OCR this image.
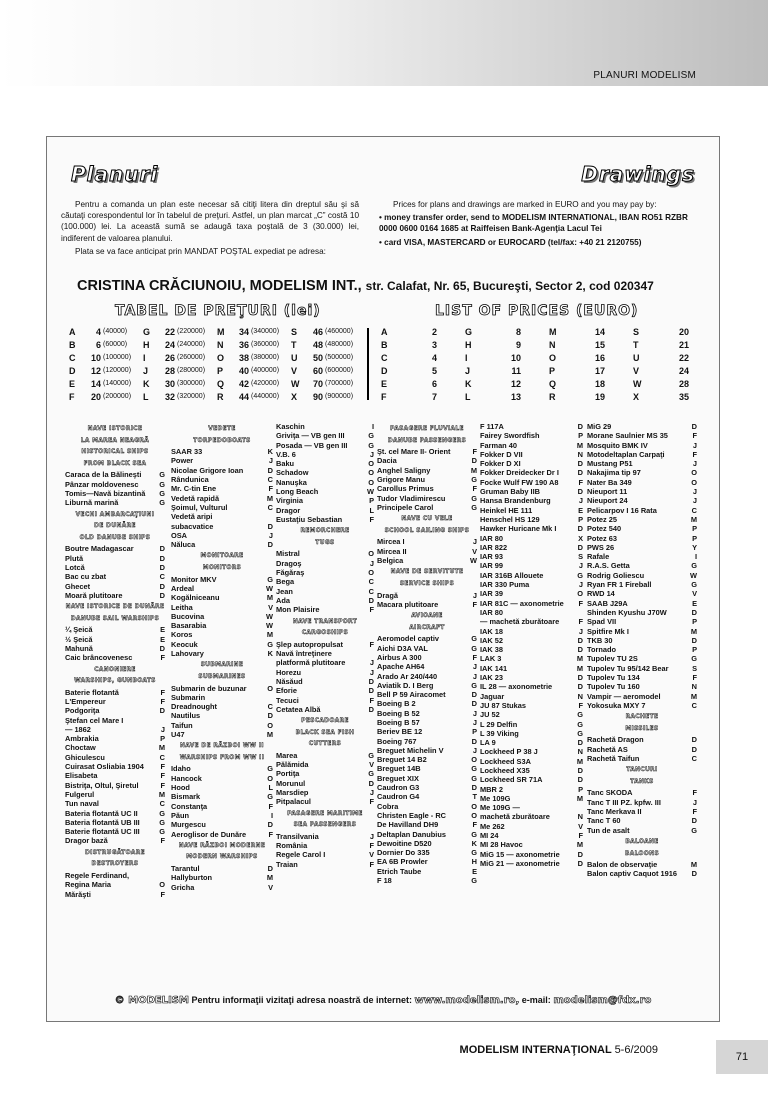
PLANURI MODELISM
Planuri	Drawings

Pentru a comanda un plan este necesar să citiţi litera din dreptul său şi să căutaţi corespondentul lor în tabelul de preţuri. Astfel, un plan marcat „C” costă 10 (100.000) lei. La această sumă se adaugă taxa poştală de 3 (30.000) lei, indiferent de valoarea planului.

Plata se va face anticipat prin MANDAT POŞTAL expediat pe adresa:

Prices for plans and drawings are marked in EURO and you may pay by:

• money transfer order, send to MODELISM INTERNATIONAL, IBAN RO51 RZBR 0000 0600 0164 1685 at Raiffeisen Bank-Agenţia Lacul Tei

• card VISA, MASTERCARD or EUROCARD (tel/fax: +40 21 2120755)

CRISTINA CRĂCIUNOIU, MODELISM INT., str. Calafat, Nr. 65, Bucureşti, Sector 2, cod 020347
TABEL DE PREŢURI (lei)	LIST OF PRICES (EURO)
A	4 (40000) G	22 (220000) M	34 (340000) S	46 (460000)
B	6 (60000) H	24 (240000) N	36 (360000) T	48 (480000)
C	10 (100000) I	26 (260000) O	38 (380000) U	50 (500000)
D	12 (120000) J	28 (280000) P	40 (400000) V	60 (600000)
E	14 (140000) K	30 (300000) Q	42 (420000) W	70 (700000)
F	20 (200000) L	32 (320000) R	44 (440000) X	90 (900000)
A	2	G	8	M	14	S	20
B	3	H	9	N	15	T	21
C	4	I	10	O	16	U	22
D	5	J	11	P	17	V	24
E	6	K	12	Q	18	W	28
F	7	L	13	R	19	X	35
NAVE ISTORICE
LA MAREA NEAGRĂ
HISTORICAL SHIPS
FROM BLACK SEA
Caraca de la Bălineşti G
Pânzar moldovenesc	G
Tomis—Navă bizantină G
Liburnă marină	G
VECHI AMBARCAŢIUNI
DE DUNĂRE
OLD DANUBE SHIPS
Boutre Madagascar	D
Plută	D
Lotcă	D
Bac cu zbat	C
Ghecet	D
Moară plutitoare	D
NAVE ISTORICE DE DUNĂRE
DANUBE SAIL WARSHIPS
¼ Şeică	E
½ Şeică	E
Mahună	D
Caic brâncovenesc	F
CANONIERE
WARSHIPS, GUNBOATS
Baterie flotantă	F
L'Empereur	F
Podgoriţa	D
Ştefan cel Mare I
— 1862	J
Ambrakia	P
Choctaw	M
Ghiculescu	C
Cuirasat Osliabia 1904 F
Elisabeta	F
Bistriţa, Oltul, Şiretul	F
Fulgerul	M
Tun naval	C
Bateria flotantă UC II	G
Bateria flotantă UB III	G
Baterie flotantă UC III	G
Dragor bază	F
DISTRUGĂTOARE
DESTROYERS
Regele Ferdinand,
Regina Maria	O
Mărăşti	F
VEDETE
TORPEDOBOATS
SAAR 33	K
Power	J
Nicolae Grigore Ioan	D
Rândunica	C
Mr. C-tin Ene	F
Vedetă rapidă	M
Şoimul, Vulturul	C
Vedetă aripi
subacvatice	D
OSA	J
Năluca	D
MONITOARE
MONITORS
Monitor MKV	G
Ardeal	W
Kogălniceanu	M
Leitha	V
Bucovina	W
Basarabia	W
Koros	M
Keocuk	G
Lahovary	K
SUBMARINE
SUBMARINES
Submarin de buzunar	O
Submarin
Dreadnought	C
Nautilus	D
Taifun	O
U47	M
NAVE DE RĂZBOI WW II
WARSHIPS FROM WW II
Idaho	G
Hancock	O
Hood	L
Bismark	G
Constanţa	F
Păun	I
Murgescu	D
Aeroglisor de Dunăre	F
NAVE RĂZBOI MODERNE
MODERN WARSHIPS
Tarantul	D
Hallyburton	M
Gricha	V
Kaschin	I
Griviţa — VB gen III	G
Posada — VB gen III	G
V.B. 6	J
Baku	O
Schadow	O
Nanuşka	O
Long Beach	W
Virginia	P
Dragor	L
Eustaţiu Sebastian	F
REMORCHERE
TUGS
Mistral	O
Dragoş	J
Făgăraş	O
Bega	C
Jean	C
Ada	D
Mon Plaisire	F
NAVE TRANSPORT
CARGOSHIPS
Şlep autopropulsat	F
Navă întreţinere
platformă plutitoare	J
Horezu	J
Năsăud	D
Eforie	D
Tecuci	F
Cetatea Albă	D
PESCADOARE
BLACK SEA FISH
CUTTERS
Marea	G
Pălămida	V
Portiţa	G
Morunul	D
Marsdiep	J
Pitpalacul	F
PASAGERE MARITIME
SEA PASSENGERS
Transilvania	J
România	F
Regele Carol I	V
Traian	F
PASAGERE FLUVIALE
DANUBE PASSENGERS
Şt. cel Mare II- Orient	F
Dacia	D
Anghel Saligny	M
Grigore Manu	G
Carollus Primus	F
Tudor Vladimirescu	G
Principele Carol	G
NAVE CU VELE
SCHOOL SAILING SHIPS
Mircea I	J
Mircea II	V
Belgica	W
NAVE DE SERVITUTE
SERVICE SHIPS
Dragă	J
Macara plutitoare	F
AVIOANE
AIRCRAFT
Aeromodel captiv	G
Aichi D3A VAL	G
Airbus A 300	F
Apache AH64	J
Arado Ar 240/440	J
Aviatik D. I Berg	G
Bell P 59 Airacomet	D
Boeing B 2	D
Boeing B 52	J
Boeing B 57	J
Beriev BE 12	P
Boeing 767	D
Breguet Michelin V	J
Breguet 14 B2	O
Breguet 14B	G
Breguet XIX	G
Caudron G3	D
Caudron G4	T
Cobra	O
Christen Eagle - RC	O
De Havilland DH9	F
Deltaplan Danubius	G
Dewoitine D520	K
Dornier Do 335	G
EA 6B Prowler	H
Etrich Taube	E
F 18	G
F 117A	D
Fairey Swordfish	P
Farman 40	M
Fokker D VII	N
Fokker D XI	D
Fokker Dreidecker Dr I	D
Focke Wulf FW 190 A8	F
Gruman Baby IIB	D
Hansa Brandenburg	J
Heinkel HE 111	E
Henschel HS 129	P
Hawker Huricane Mk I	D
IAR 80	X
IAR 822	D
IAR 93	S
IAR 99	J
IAR 316B Allouete	G
IAR 330 Puma	J
IAR 39	O
IAR 81C — axonometrie F
IAR 80
— machetă zburătoare	F
IAK 18	J
IAK 52	D
IAK 38	D
LAK 3	M
IAK 141	M
IAK 23	D
IL 28 — axonometrie	D
Jaguar	N
JU 87 Stukas	F
JU 52	G
L 29 Delfin	G
L 39 Viking	G
LA 9	D
Lockheed P 38 J	N
Lockheed S3A	M
Lockheed X35	D
Lockheed SR 71A	D
MBR 2	P
Me 109G	M
Me 109G —
machetă zburătoare	N
Me 262	V
MI 24	F
MI 28 Havoc	M
MiG 15 — axonometrie D
MiG 21 — axonometrie D
MiG 29	D
Morane Saulnier MS 35	F
Mosquito BMK IV	J
Motodeltaplan Carpaţi	F
Mustang P51	J
Nakajima tip 97	O
Nater Ba 349	O
Nieuport 11	J
Nieuport 24	J
Pelicarpov I 16 Rata	C
Potez 25	M
Potez 540	P
Potez 63	P
PWS 26	Y
Rafale	I
R.A.S. Getta	G
Rodrig Goliescu	W
Ryan FR 1 Fireball	G
RWD 14	V
SAAB J29A	E
Shinden Kyushu J70W	D
Spad VII	P
Spitfire Mk I	M
TKB 30	D
Tornado	P
Tupolev TU 2S	G
Tupolev Tu 95/142 Bear	S
Tupolev Tu 134	F
Tupolev Tu 160	N
Vampir — aeromodel	M
Yokosuka MXY 7	C
RACHETE
MISSILES
Rachetă Dragon	D
Rachetă AS	D
Rachetă Taifun	C
TANCURI
TANKS
Tanc SKODA	F
Tanc T III PZ. kpfw. III	J
Tanc Merkava II	F
Tanc T 60	D
Tun de asalt	G
BALOANE
BALOONS
Balon de observaţie	M
Balon captiv Caquot 1916 D
© MODELISM Pentru informaţii vizitaţi adresa noastră de internet: www.modelism.ro, e-mail: modelism@fdx.ro
MODELISM INTERNAŢIONAL 5-6/2009
71
